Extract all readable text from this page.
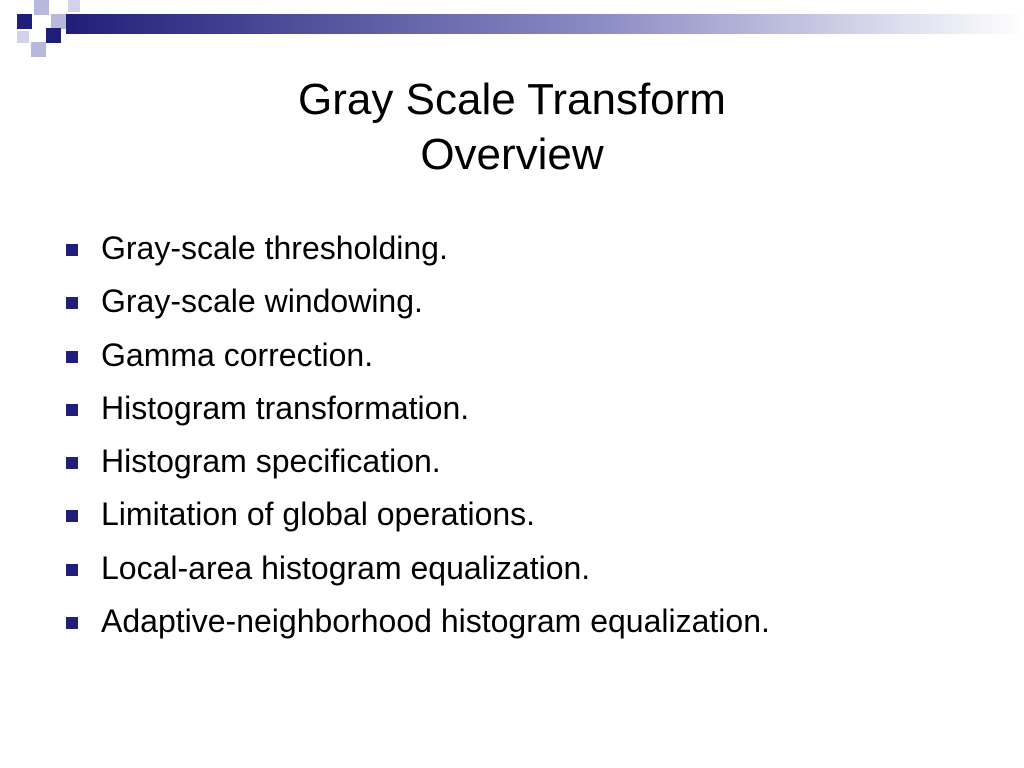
Gray Scale Transform
Overview
Gray-scale thresholding.
Gray-scale windowing.
Gamma correction.
Histogram transformation.
Histogram specification.
Limitation of global operations.
Local-area histogram equalization.
Adaptive-neighborhood histogram equalization.
